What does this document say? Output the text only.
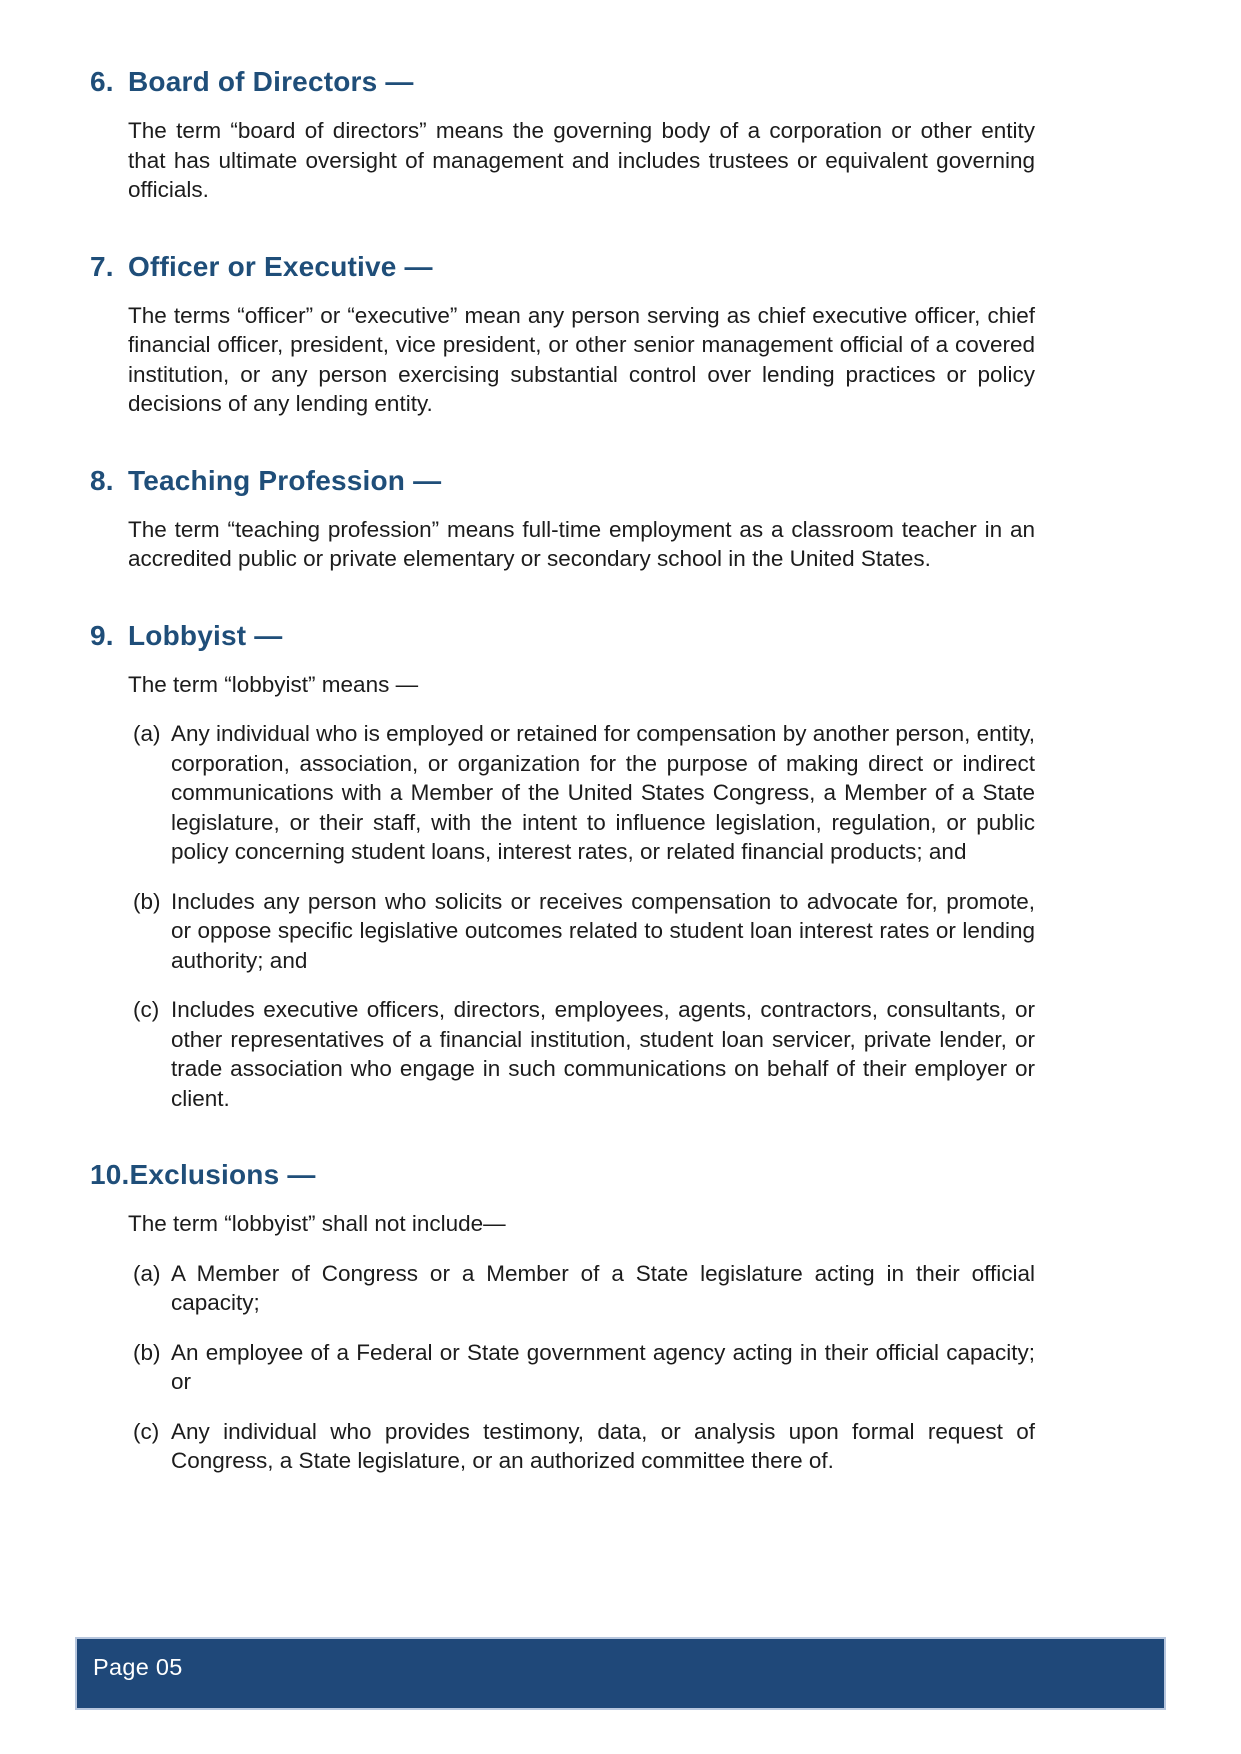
6. Board of Directors —

The term “board of directors” means the governing body of a corporation or other entity that has ultimate oversight of management and includes trustees or equivalent governing officials.

7. Officer or Executive —

The terms “officer” or “executive” mean any person serving as chief executive officer, chief financial officer, president, vice president, or other senior management official of a covered institution, or any person exercising substantial control over lending practices or policy decisions of any lending entity.

8. Teaching Profession —

The term “teaching profession” means full-time employment as a classroom teacher in an accredited public or private elementary or secondary school in the United States.

9. Lobbyist —

The term “lobbyist” means —

(a) Any individual who is employed or retained for compensation by another person, entity, corporation, association, or organization for the purpose of making direct or indirect communications with a Member of the United States Congress, a Member of a State legislature, or their staff, with the intent to influence legislation, regulation, or public policy concerning student loans, interest rates, or related financial products; and
(b) Includes any person who solicits or receives compensation to advocate for, promote, or oppose specific legislative outcomes related to student loan interest rates or lending authority; and
(c) Includes executive officers, directors, employees, agents, contractors, consultants, or other representatives of a financial institution, student loan servicer, private lender, or trade association who engage in such communications on behalf of their employer or client.
10. Exclusions —

The term “lobbyist” shall not include—

(a) A Member of Congress or a Member of a State legislature acting in their official capacity;
(b) An employee of a Federal or State government agency acting in their official capacity; or
(c) Any individual who provides testimony, data, or analysis upon formal request of Congress, a State legislature, or an authorized committee there of.
Page 05
